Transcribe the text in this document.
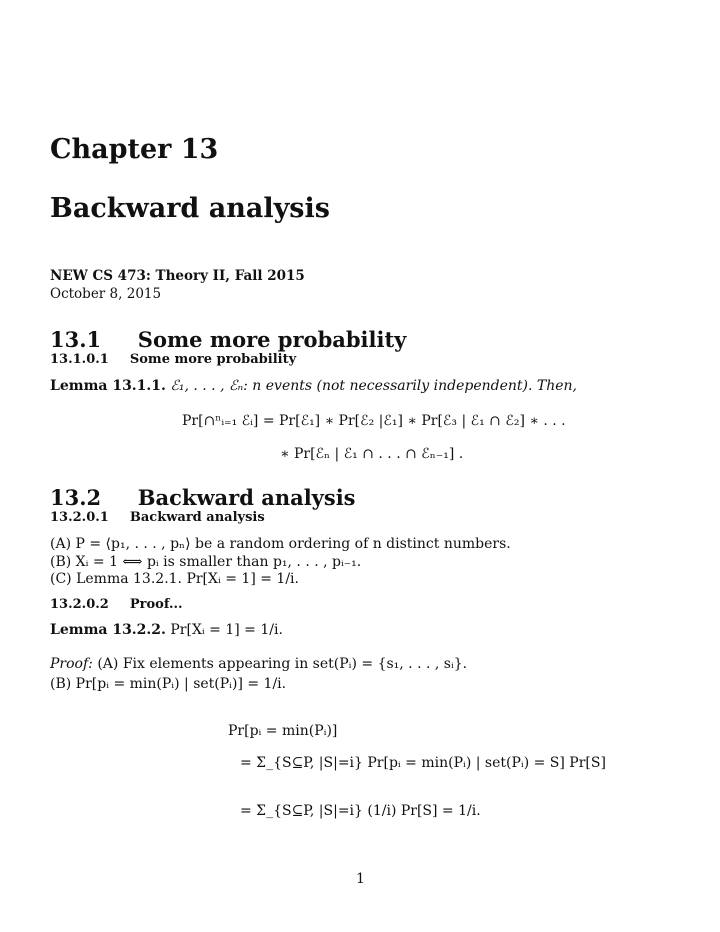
Chapter 13
Backward analysis
NEW CS 473: Theory II, Fall 2015
October 8, 2015
13.1 Some more probability
13.1.0.1 Some more probability
Lemma 13.1.1. ℰ₁, . . . , ℰₙ: n events (not necessarily independent). Then,
Pr[∩ⁿᵢ₌₁ ℰᵢ] = Pr[ℰ₁] ∗ Pr[ℰ₂ |ℰ₁] ∗ Pr[ℰ₃ | ℰ₁ ∩ ℰ₂] ∗ . . .
∗ Pr[ℰₙ | ℰ₁ ∩ . . . ∩ ℰₙ₋₁] .
13.2 Backward analysis
13.2.0.1 Backward analysis
(A) P = ⟨p₁, . . . , pₙ⟩ be a random ordering of n distinct numbers.
(B) Xᵢ = 1 ⟺ pᵢ is smaller than p₁, . . . , pᵢ₋₁.
(C) Lemma 13.2.1. Pr[Xᵢ = 1] = 1/i.
13.2.0.2 Proof...
Lemma 13.2.2. Pr[Xᵢ = 1] = 1/i.
Proof: (A) Fix elements appearing in set(Pᵢ) = {s₁, . . . , sᵢ}.
(B) Pr[pᵢ = min(Pᵢ) | set(Pᵢ)] = 1/i.
Pr[pᵢ = min(Pᵢ)]
= Σ_{S⊆P, |S|=i} Pr[pᵢ = min(Pᵢ) | set(Pᵢ) = S] Pr[S]
= Σ_{S⊆P, |S|=i} (1/i) Pr[S] = 1/i.
1
